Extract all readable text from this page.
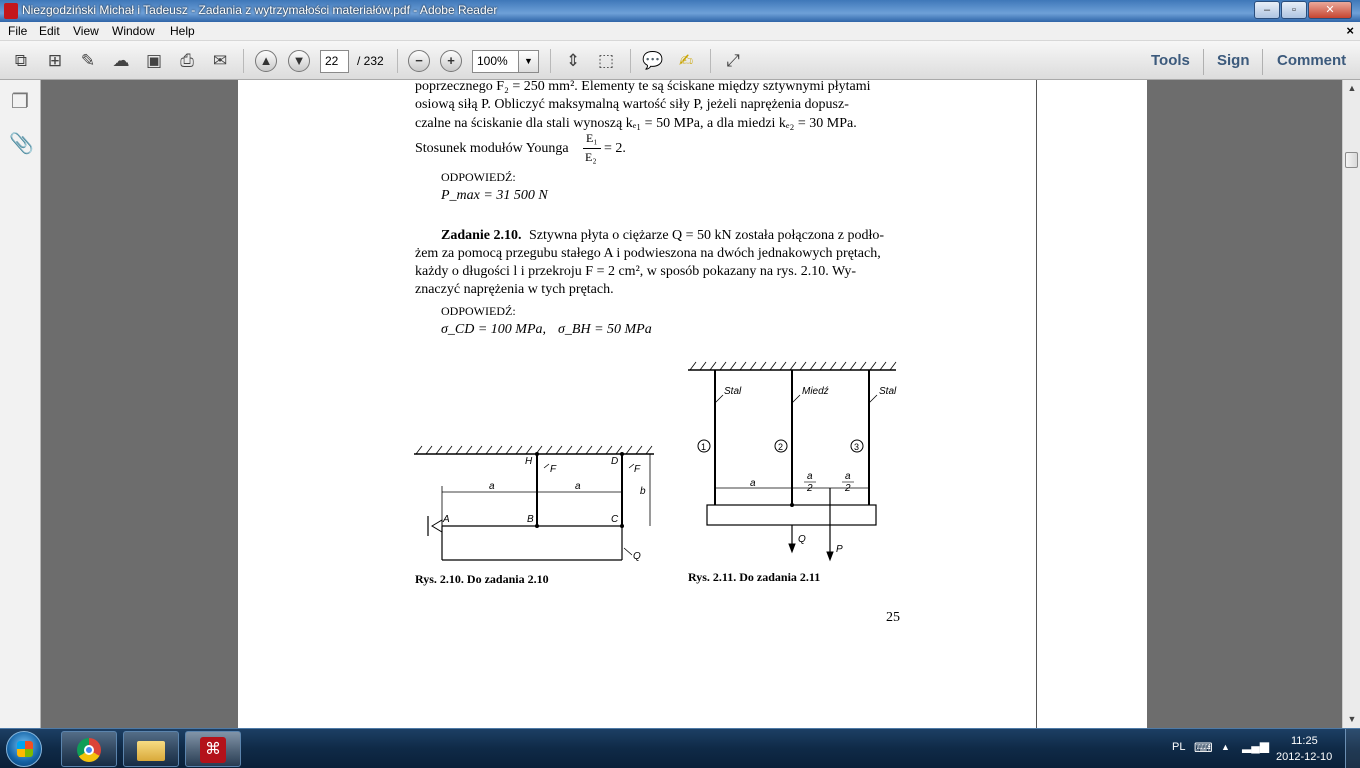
Niezgodziński Michał i Tadeusz - Zadania z wytrzymałości materiałów.pdf - Adobe Reader	–	▫	✕
File Edit View Window Help	×
⧉ ⊞ ✎ ☁ ▣ ⎙ ✉	▲	▼	22	/ 232	−	+	100%	▼	⇕ ⬚ 💬 ✍ ⤢	Tools Sign Comment
❐
📎
poprzecznego F₂ = 250 mm². Elementy te są ściskane między sztywnymi płytami
osiową siłą P. Obliczyć maksymalną wartość siły P, jeżeli naprężenia dopusz-
czalne na ściskanie dla stali wynoszą kₑ₁ = 50 MPa, a dla miedzi kₑ₂ = 30 MPa.
Stosunek modułów Younga
E₁
E₂
= 2.
ODPOWIEDŹ:
P_max = 31 500 N
Zadanie 2.10. Sztywna płyta o ciężarze Q = 50 kN została połączona z podło-
żem za pomocą przegubu stałego A i podwieszona na dwóch jednakowych prętach,
każdy o długości l i przekroju F = 2 cm², w sposób pokazany na rys. 2.10. Wy-
znaczyć naprężenia w tych prętach.
ODPOWIEDŹ:
σ_CD = 100 MPa, σ_BH = 50 MPa
A	B	C
D
H
F	F
a	a	b
Q
Stal	Miedź	Stal
1	2	3
a
a
2
a
2
Q
P
Rys. 2.10. Do zadania 2.10	Rys. 2.11. Do zadania 2.11
25
▲
▼
⌘	PL ⌨ ▲ ▂▄▆ 11:25
2012-12-10
